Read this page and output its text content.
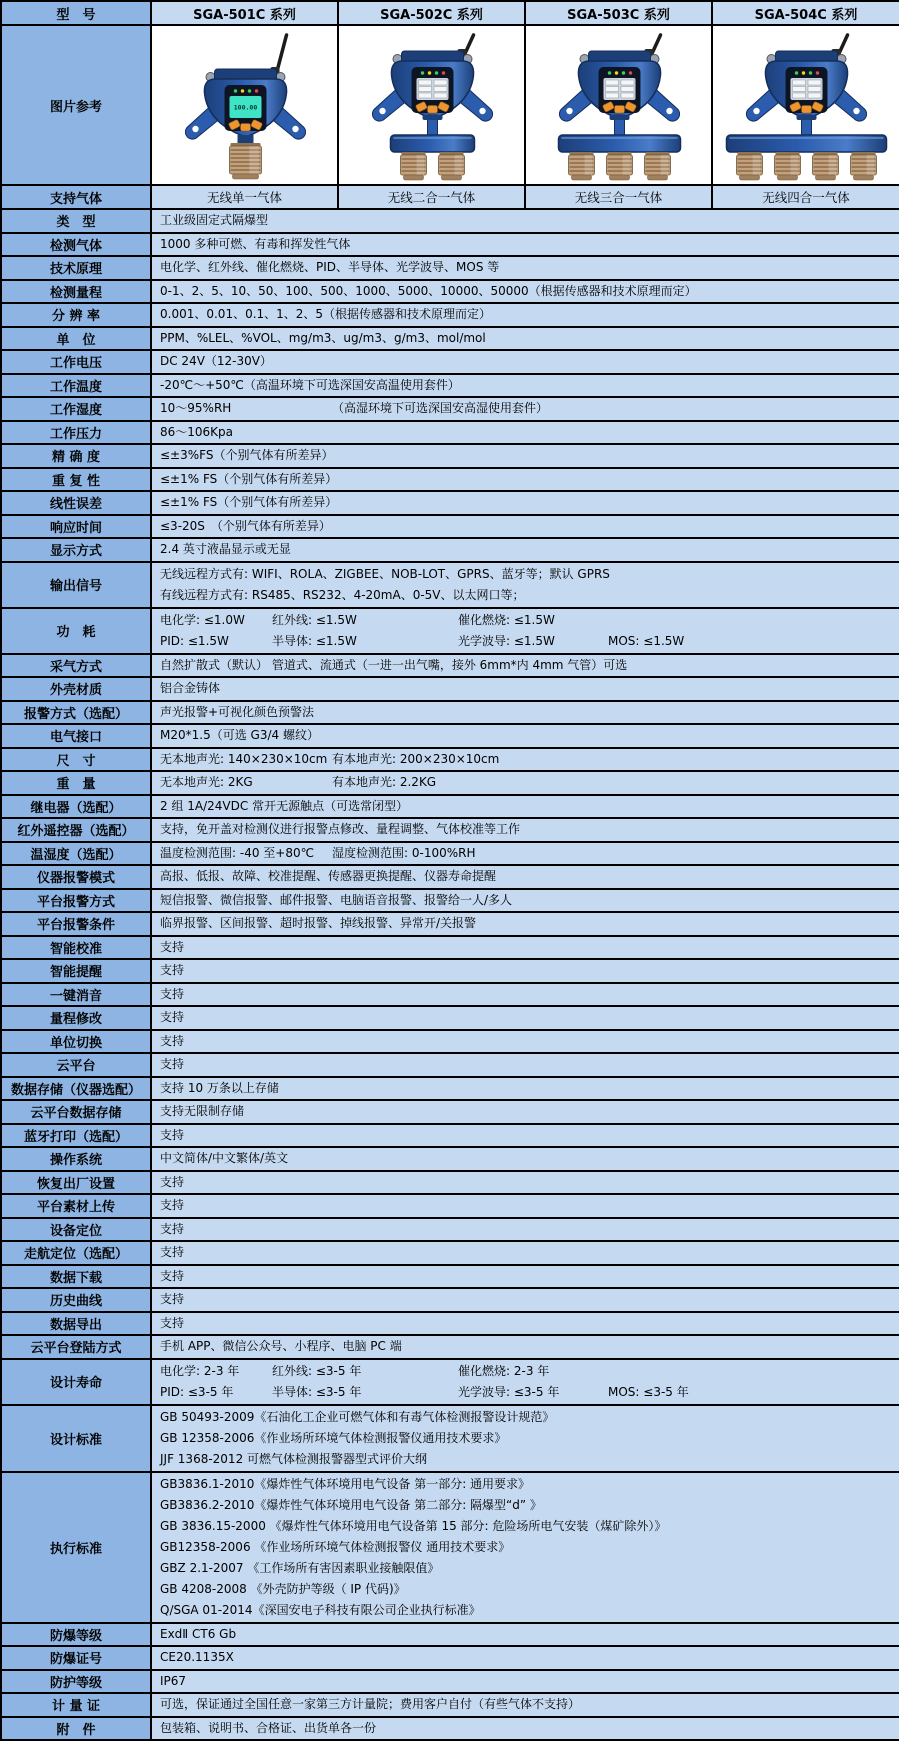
型　号	SGA-501C 系列	SGA-502C 系列	SGA-503C 系列	SGA-504C 系列
图片参考	100.00

支持气体	无线单一气体	无线二合一气体	无线三合一气体	无线四合一气体
类　型	工业级固定式隔爆型			

检测气体	1000 多种可燃、有毒和挥发性气体			

技术原理	电化学、红外线、催化燃烧、PID、半导体、光学波导、MOS 等			

检测量程	0-1、2、5、10、50、100、500、1000、5000、10000、50000（根据传感器和技术原理而定）			

分 辨 率	0.001、0.01、0.1、1、2、5（根据传感器和技术原理而定）			

单　位	PPM、%LEL、%VOL、mg/m3、ug/m3、g/m3、mol/mol			

工作电压	DC 24V（12-30V）			

工作温度	-20℃～+50℃（高温环境下可选深国安高温使用套件）			

工作湿度	10～95%RH （高湿环境下可选深国安高湿使用套件）			

工作压力	86～106Kpa			

精 确 度	≤±3%FS（个别气体有所差异）			

重 复 性	≤±1% FS（个别气体有所差异）			

线性误差	≤±1% FS（个别气体有所差异）			

响应时间	≤3-20S　（个别气体有所差异）			

显示方式	2.4 英寸液晶显示或无显			

输出信号	无线远程方式有: WIFI、ROLA、ZIGBEE、NOB-LOT、GPRS、蓝牙等；默认 GPRS
有线远程方式有: RS485、RS232、4-20mA、0-5V、以太网口等；			

功　耗	电化学: ≤1.0W 红外线: ≤1.5W 催化燃烧: ≤1.5W
PID: ≤1.5W 半导体: ≤1.5W 光学波导: ≤1.5W MOS: ≤1.5W			

采气方式	自然扩散式（默认） 管道式、流通式（一进一出气嘴，接外 6mm*内 4mm 气管）可选			

外壳材质	铝合金铸体			

报警方式（选配）	声光报警+可视化颜色预警法			

电气接口	M20*1.5（可选 G3/4 螺纹）			

尺　寸	无本地声光: 140×230×10cm 有本地声光: 200×230×10cm			

重　量	无本地声光: 2KG 有本地声光: 2.2KG			

继电器（选配）	2 组 1A/24VDC 常开无源触点（可选常闭型）			

红外遥控器（选配）	支持，免开盖对检测仪进行报警点修改、量程调整、气体校准等工作			

温湿度（选配）	温度检测范围: -40 至+80℃ 湿度检测范围: 0-100%RH			

仪器报警模式	高报、低报、故障、校准提醒、传感器更换提醒、仪器寿命提醒			

平台报警方式	短信报警、微信报警、邮件报警、电脑语音报警、报警给一人/多人			

平台报警条件	临界报警、区间报警、超时报警、掉线报警、异常开/关报警			

智能校准	支持			

智能提醒	支持			

一键消音	支持			

量程修改	支持			

单位切换	支持			

云平台	支持			

数据存储（仪器选配）	支持 10 万条以上存储			

云平台数据存储	支持无限制存储			

蓝牙打印（选配）	支持			

操作系统	中文简体/中文繁体/英文			

恢复出厂设置	支持			

平台素材上传	支持			

设备定位	支持			

走航定位（选配）	支持			

数据下载	支持			

历史曲线	支持			

数据导出	支持			

云平台登陆方式	手机 APP、微信公众号、小程序、电脑 PC 端			

设计寿命	电化学: 2-3 年 红外线: ≤3-5 年 催化燃烧: 2-3 年
PID: ≤3-5 年 半导体: ≤3-5 年 光学波导: ≤3-5 年 MOS: ≤3-5 年			

设计标准	GB 50493-2009《石油化工企业可燃气体和有毒气体检测报警设计规范》
GB 12358-2006《作业场所环境气体检测报警仪通用技术要求》
JJF 1368-2012 可燃气体检测报警器型式评价大纲			

执行标准	
GB3836.1-2010《爆炸性气体环境用电气设备 第一部分: 通用要求》
GB3836.2-2010《爆炸性气体环境用电气设备 第二部分: 隔爆型“d” 》
GB 3836.15-2000 《爆炸性气体环境用电气设备第 15 部分: 危险场所电气安装（煤矿除外）》
GB12358-2006 《作业场所环境气体检测报警仪 通用技术要求》
GBZ 2.1-2007 《工作场所有害因素职业接触限值》
GB 4208-2008 《外壳防护等级（ IP 代码)》
Q/SGA 01-2014《深国安电子科技有限公司企业执行标准》

防爆等级	ExdⅡ CT6 Gb			

防爆证号	CE20.1135X			

防护等级	IP67			

计 量 证	可选，保证通过全国任意一家第三方计量院；费用客户自付（有些气体不支持）			

附　件	包装箱、说明书、合格证、出货单各一份			
